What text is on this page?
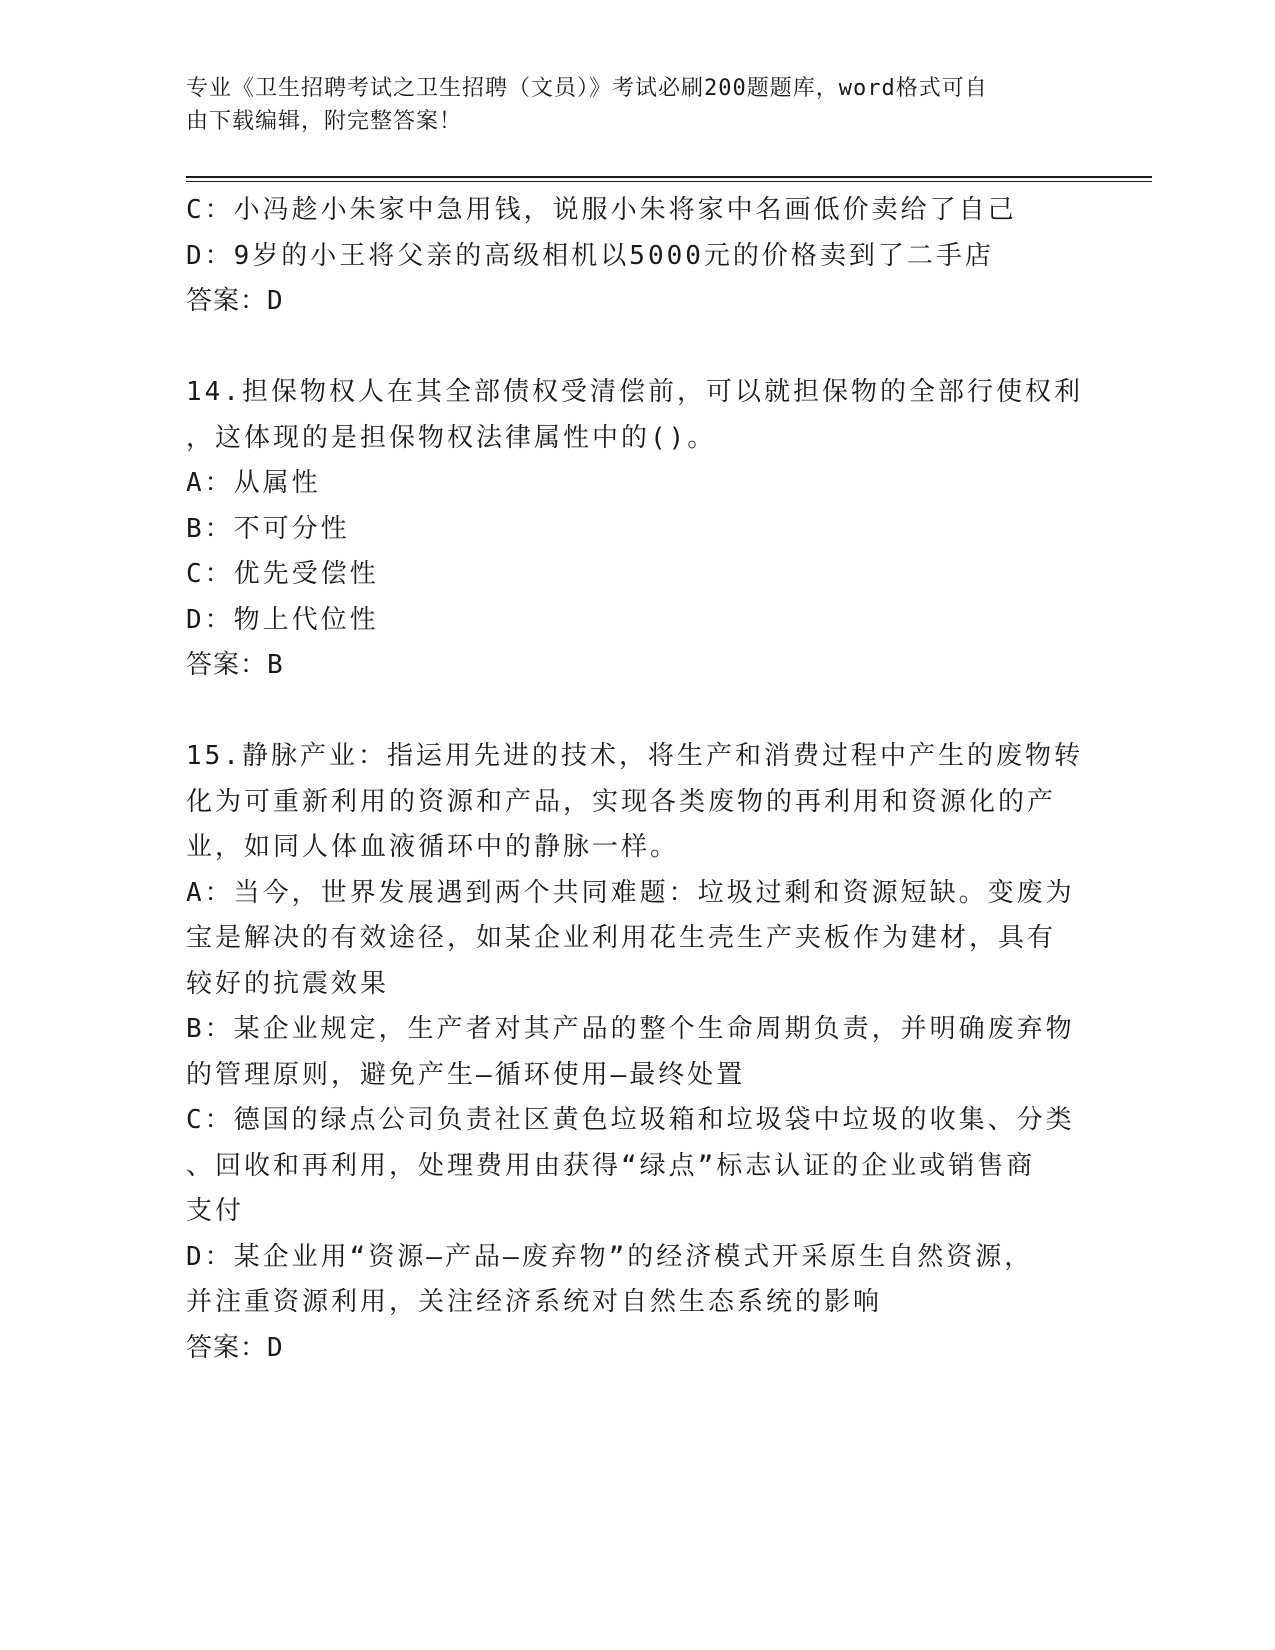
专业《卫生招聘考试之卫生招聘（文员）》考试必刷200题题库，word格式可自
由下载编辑，附完整答案！
C：小冯趁小朱家中急用钱，说服小朱将家中名画低价卖给了自己
D：9岁的小王将父亲的高级相机以5000元的价格卖到了二手店
答案：D
14.担保物权人在其全部债权受清偿前，可以就担保物的全部行使权利
，这体现的是担保物权法律属性中的()。
A：从属性
B：不可分性
C：优先受偿性
D：物上代位性
答案：B
15.静脉产业：指运用先进的技术，将生产和消费过程中产生的废物转
化为可重新利用的资源和产品，实现各类废物的再利用和资源化的产
业，如同人体血液循环中的静脉一样。
A：当今，世界发展遇到两个共同难题：垃圾过剩和资源短缺。变废为
宝是解决的有效途径，如某企业利用花生壳生产夹板作为建材，具有
较好的抗震效果
B：某企业规定，生产者对其产品的整个生命周期负责，并明确废弃物
的管理原则，避免产生—循环使用—最终处置
C：德国的绿点公司负责社区黄色垃圾箱和垃圾袋中垃圾的收集、分类
、回收和再利用，处理费用由获得“绿点”标志认证的企业或销售商
支付
D：某企业用“资源—产品—废弃物”的经济模式开采原生自然资源，
并注重资源利用，关注经济系统对自然生态系统的影响
答案：D
